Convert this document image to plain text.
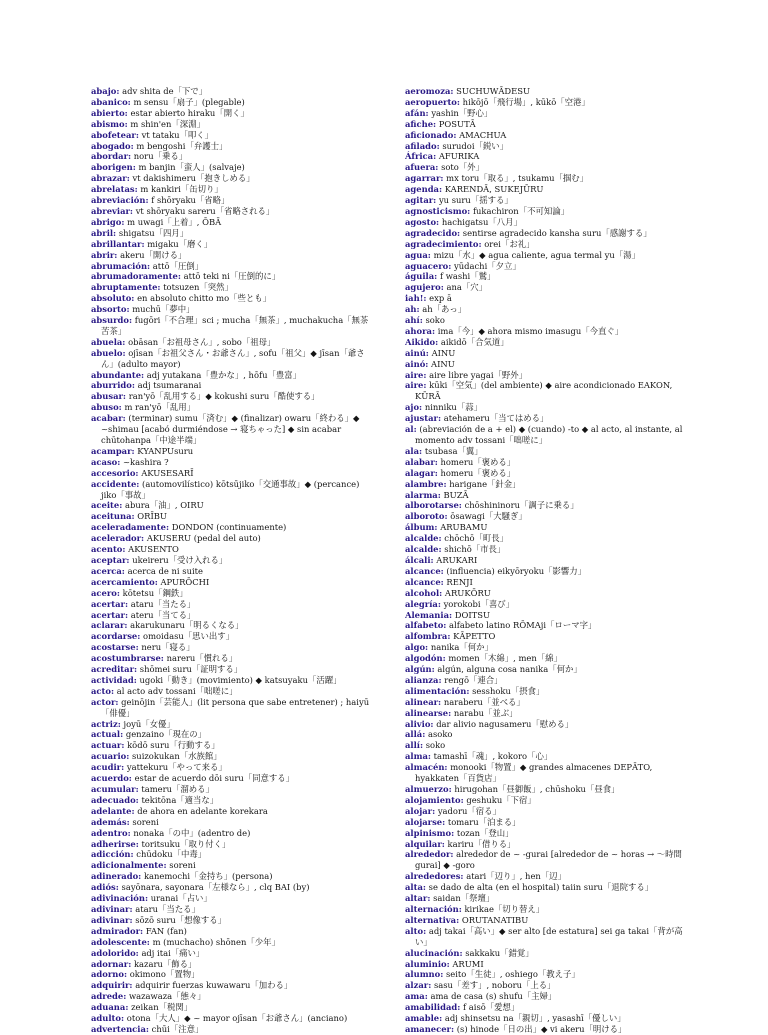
abajo: adv shita de「下で」
abanico: m sensu「扇子」(plegable)
abierto: estar abierto hiraku「開く」
abismo: m shin'en「深淵」
abofetear: vt tataku「叩く」
abogado: m bengoshi「弁護士」
abordar: noru「乗る」
aborigen: m banjin「蛮人」(salvaje)
abrazar: vt dakishimeru「抱きしめる」
abrelatas: m kankiri「缶切り」
abreviación: f shōryaku「省略」
abreviar: vt shōryaku sareru「省略される」
abrigo: m uwagi「上着」, ŌBĀ
abril: shigatsu「四月」
abrillantar: migaku「磨く」
abrir: akeru「開ける」
abrumación: attō「圧倒」
abrumadoramente: attō teki ni「圧倒的に」
abruptamente: totsuzen「突然」
absoluto: en absoluto chitto mo「些とも」
absorto: muchū「夢中」
absurdo: fugōri「不合理」sci ; mucha「無茶」, muchakucha「無茶苦茶」
abuela: obāsan「お祖母さん」, sobo「祖母」
abuelo: ojīsan「お祖父さん・お爺さん」, sofu「祖父」◆ jīsan「爺さん」(adulto mayor)
abundante: adj yutakana「豊かな」, hōfu「豊富」
aburrido: adj tsumaranai
abusar: ran'yō「乱用する」◆ kokushi suru「酷使する」
abuso: m ran'yō「乱用」
acabar: (terminar) sumu「済む」◆ (finalizar) owaru「終わる」◆ ~shimau [acabó durmiéndose → 寝ちゃった] ◆ sin acabar chūtohanpa「中途半端」
acampar: KYANPUsuru
acaso: ~kashira ?
accesorio: AKUSESARĪ
accidente: (automovilístico) kōtsūjiko「交通事故」◆ (percance) jiko「事故」
aceite: abura「油」, OIRU
aceituna: ORĪBU
aceleradamente: DONDON (continuamente)
acelerador: AKUSERU (pedal del auto)
acento: AKUSENTO
aceptar: ukeireru「受け入れる」
acerca: acerca de ni suite
acercamiento: APURŌCHI
acero: kōtetsu「鋼鉄」
acertar: ataru「当たる」
acertar: ateru「当てる」
aclarar: akarukunaru「明るくなる」
acordarse: omoidasu「思い出す」
acostarse: neru「寝る」
acostumbrarse: nareru「慣れる」
acreditar: shōmei suru「証明する」
actividad: ugoki「動き」(movimiento) ◆ katsuyaku「活躍」
acto: al acto adv tossani「咄嗟に」
actor: geinōjin「芸能人」(lit persona que sabe entretener) ; haiyū「俳優」
actriz: joyū「女優」
actual: genzaino「現在の」
actuar: kōdō suru「行動する」
acuario: suizokukan「水族館」
acudir: yattekuru「やって来る」
acuerdo: estar de acuerdo dōi suru「同意する」
acumular: tameru「溜める」
adecuado: tekitōna「適当な」
adelante: de ahora en adelante korekara
además: soreni
adentro: nonaka「の中」(adentro de)
adherirse: toritsuku「取り付く」
adicción: chūdoku「中毒」
adicionalmente: soreni
adinerado: kanemochi「金持ち」(persona)
adiós: sayōnara, sayonara「左様なら」, clq BAI (by)
adivinación: uranai「占い」
adivinar: ataru「当たる」
adivinar: sōzō suru「想像する」
admirador: FAN (fan)
adolescente: m (muchacho) shōnen「少年」
adolorido: adj itai「痛い」
adornar: kazaru「飾る」
adorno: okimono「置物」
adquirir: adquirir fuerzas kuwawaru「加わる」
adrede: wazawaza「態々」
aduana: zeikan「税関」
adulto: otona「大人」◆ ~ mayor ojīsan「お爺さん」(anciano)
advertencia: chūi「注意」
aeromoza: SUCHUWĀDESU
aeropuerto: hikōjō「飛行場」, kūkō「空港」
afán: yashin「野心」
afiche: POSUTĀ
aficionado: AMACHUA
afilado: surudoi「鋭い」
África: AFURIKA
afuera: soto「外」
agarrar: mx toru「取る」, tsukamu「掴む」
agenda: KARENDĀ, SUKEJŪRU
agitar: yu suru「揺する」
agnosticismo: fukachiron「不可知論」
agosto: hachigatsu「八月」
agradecido: sentirse agradecido kansha suru「感謝する」
agradecimiento: orei「お礼」
agua: mizu「水」◆ agua caliente, agua termal yu「湯」
aguacero: yūdachi「夕立」
águila: f washi「鷲」
agujero: ana「穴」
iah!: exp ā
ah: ah「あっ」
ahí: soko
ahora: ima「今」◆ ahora mismo imasugu「今直ぐ」
Aikido: aikidō「合気道」
ainú: AINU
ainó: AINU
aire: aire libre yagai「野外」
aire: kūki「空気」(del ambiente) ◆ aire acondicionado EAKON, KŪRĀ
ajo: ninniku「蒜」
ajustar: atehameru「当てはめる」
al: (abreviación de a + el) ◆ (cuando) -to ◆ al acto, al instante, al momento adv tossani「咄嗟に」
ala: tsubasa「翼」
alabar: homeru「褒める」
alagar: homeru「褒める」
alambre: harigane「針金」
alarma: BUZĀ
alborotarse: chōshininoru「調子に乗る」
alboroto: ōsawagi「大騒ぎ」
álbum: ARUBAMU
alcalde: chōchō「町長」
alcalde: shichō「市長」
álcali: ARUKARI
alcance: (influencia) eikyōryoku「影響力」
alcance: RENJI
alcohol: ARUKŌRU
alegría: yorokobi「喜び」
Alemania: DOITSU
alfabeto: alfabeto latino RŌMAji「ローマ字」
alfombra: KĀPETTO
algo: nanika「何か」
algodón: momen「木綿」, men「綿」
algún: algún, alguna cosa nanika「何か」
alianza: rengō「連合」
alimentación: sesshoku「摂食」
alinear: naraberu「並べる」
alinearse: narabu「並ぶ」
alivio: dar alivio nagusameru「慰める」
allá: asoko
allí: soko
alma: tamashī「魂」, kokoro「心」
almacén: monooki「物置」◆ grandes almacenes DEPĀTO, hyakkaten「百貨店」
almuerzo: hirugohan「昼御飯」, chūshoku「昼食」
alojamiento: geshuku「下宿」
alojar: yadoru「宿る」
alojarse: tomaru「泊まる」
alpinismo: tozan「登山」
alquilar: kariru「借りる」
alrededor: alrededor de ~ -gurai [alrededor de ~ horas → ～時間 gurai] ◆ -goro
alrededores: atari「辺り」, hen「辺」
alta: se dado de alta (en el hospital) taiin suru「退院する」
altar: saidan「祭壇」
alternación: kirikae「切り替え」
alternativa: ORUTANATIBU
alto: adj takai「高い」◆ ser alto [de estatura] sei ga takai「背が高い」
alucinación: sakkaku「錯覚」
aluminio: ARUMI
alumno: seito「生徒」, oshiego「教え子」
alzar: sasu「差す」, noboru「上る」
ama: ama de casa (s) shufu「主婦」
amabilidad: f aisō「愛想」
amable: adj shinsetsu na「親切」, yasashī「優しい」
amanecer: (s) hinode「日の出」◆ vi akeru「明ける」
